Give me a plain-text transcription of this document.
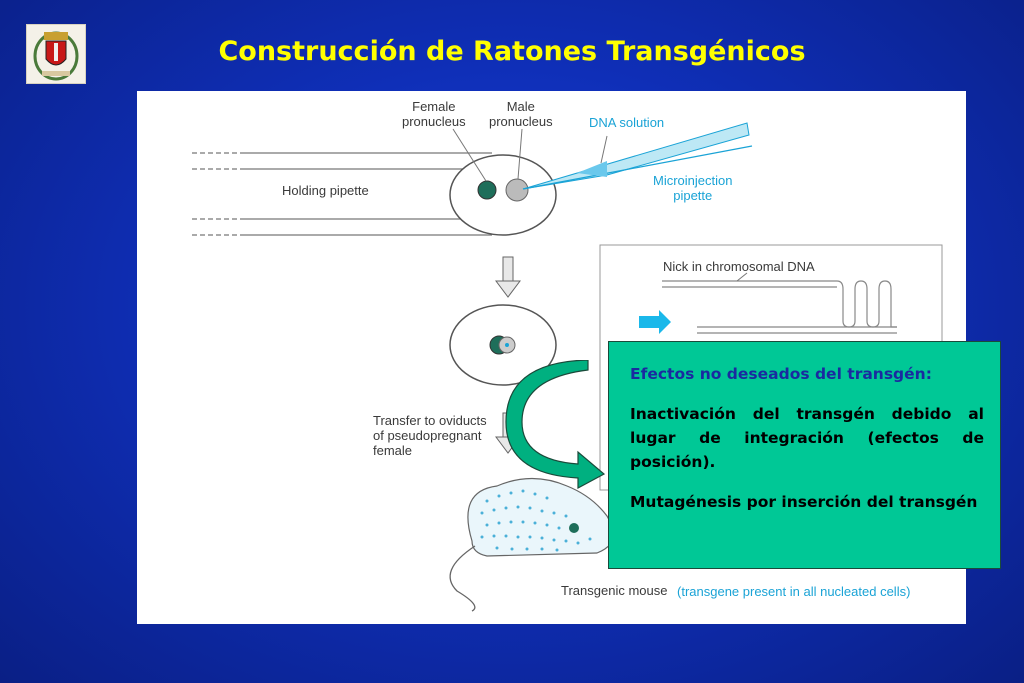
Construcción de Ratones Transgénicos
Female
pronucleus
Male
pronucleus	DNA solution
Holding pipette
Microinjection
pipette
Nick in chromosomal DNA
Transfer to oviducts
of pseudopregnant
female
Transgenic mouse (transgene present in all nucleated cells)

Efectos no deseados del transgén:

Inactivación del transgén debido al lugar de integración (efectos de posición).

Mutagénesis por inserción del transgén
